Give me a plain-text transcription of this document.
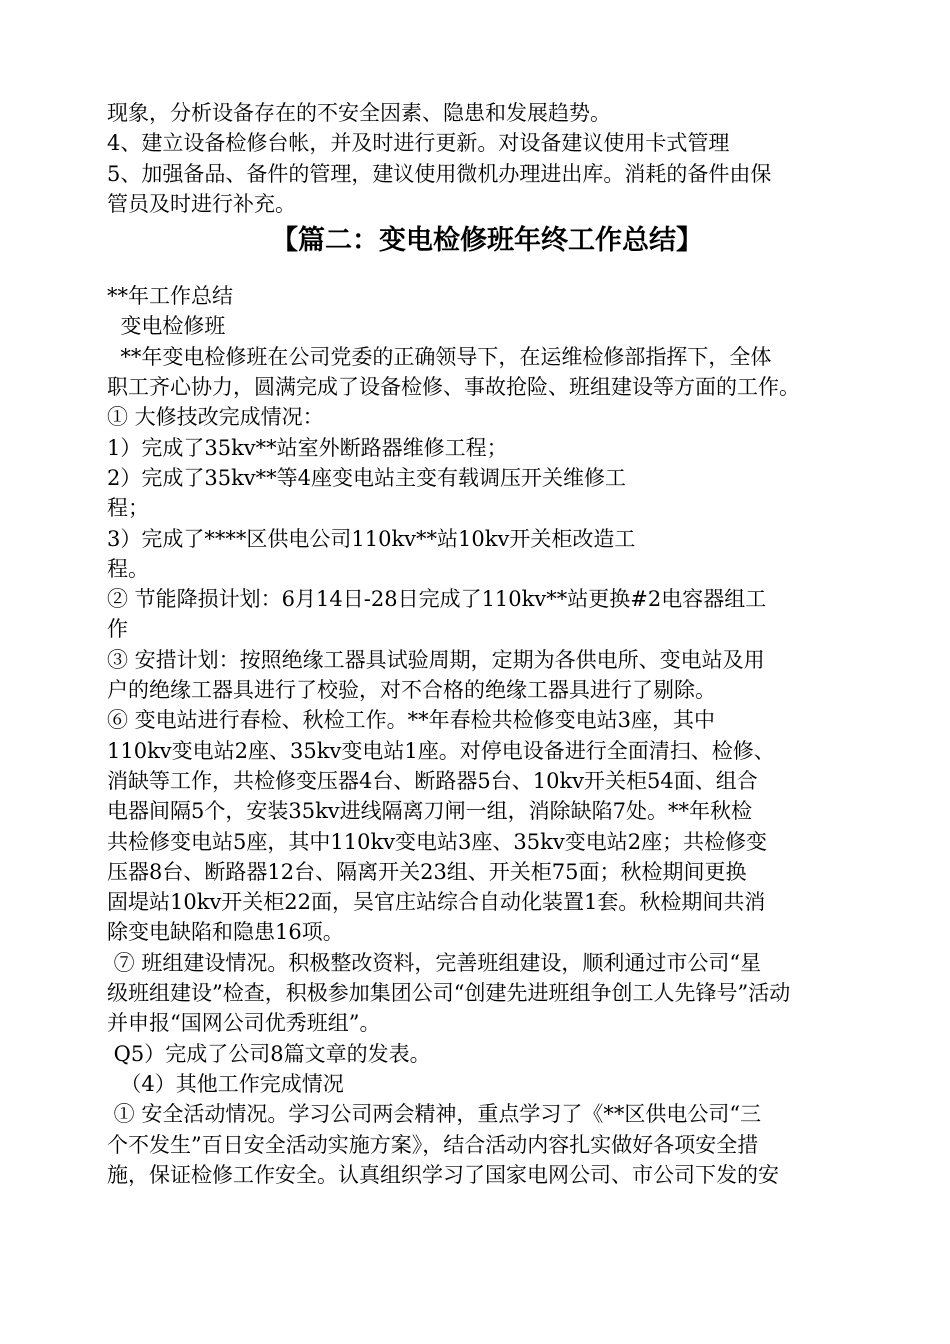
现象，分析设备存在的不安全因素、隐患和发展趋势。

4、建立设备检修台帐，并及时进行更新。对设备建议使用卡式管理

5、加强备品、备件的管理，建议使用微机办理进出库。消耗的备件由保

管员及时进行补充。

【篇二：变电检修班年终工作总结】

**年工作总结

变电检修班

**年变电检修班在公司党委的正确领导下，在运维检修部指挥下，全体

职工齐心协力，圆满完成了设备检修、事故抢险、班组建设等方面的工作。

① 大修技改完成情况：

1）完成了35kv**站室外断路器维修工程；

2）完成了35kv**等4座变电站主变有载调压开关维修工

程；

3）完成了****区供电公司110kv**站10kv开关柜改造工

程。

② 节能降损计划：6月14日-28日完成了110kv**站更换#2电容器组工

作

③ 安措计划：按照绝缘工器具试验周期，定期为各供电所、变电站及用

户的绝缘工器具进行了校验，对不合格的绝缘工器具进行了剔除。

⑥ 变电站进行春检、秋检工作。**年春检共检修变电站3座，其中

110kv变电站2座、35kv变电站1座。对停电设备进行全面清扫、检修、

消缺等工作，共检修变压器4台、断路器5台、10kv开关柜54面、组合

电器间隔5个，安装35kv进线隔离刀闸一组，消除缺陷7处。**年秋检

共检修变电站5座，其中110kv变电站3座、35kv变电站2座；共检修变

压器8台、断路器12台、隔离开关23组、开关柜75面；秋检期间更换

固堤站10kv开关柜22面，吴官庄站综合自动化装置1套。秋检期间共消

除变电缺陷和隐患16项。

⑦ 班组建设情况。积极整改资料，完善班组建设，顺利通过市公司“星

级班组建设”检查，积极参加集团公司“创建先进班组争创工人先锋号”活动

并申报“国网公司优秀班组”。

Q5）完成了公司8篇文章的发表。

（4）其他工作完成情况

① 安全活动情况。学习公司两会精神，重点学习了《**区供电公司“三

个不发生”百日安全活动实施方案》，结合活动内容扎实做好各项安全措

施，保证检修工作安全。认真组织学习了国家电网公司、市公司下发的安
